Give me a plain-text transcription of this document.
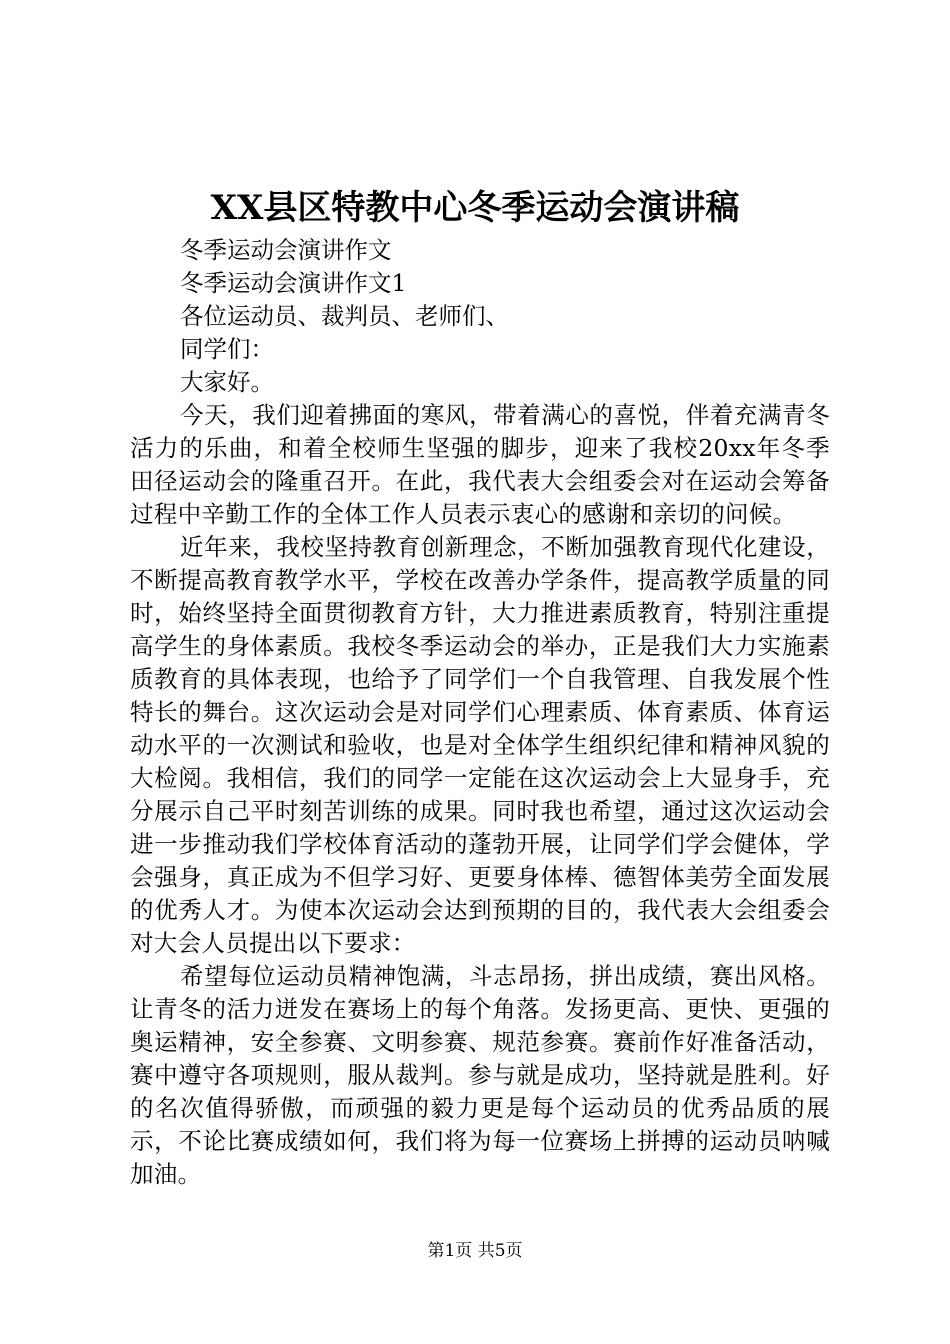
XX县区特教中心冬季运动会演讲稿

冬季运动会演讲作文

冬季运动会演讲作文1

各位运动员、裁判员、老师们、

同学们：

大家好。

今天，我们迎着拂面的寒风，带着满心的喜悦，伴着充满青冬活力的乐曲，和着全校师生坚强的脚步，迎来了我校20xx年冬季田径运动会的隆重召开。在此，我代表大会组委会对在运动会筹备过程中辛勤工作的全体工作人员表示衷心的感谢和亲切的问候。

近年来，我校坚持教育创新理念，不断加强教育现代化建设，不断提高教育教学水平，学校在改善办学条件，提高教学质量的同时，始终坚持全面贯彻教育方针，大力推进素质教育，特别注重提高学生的身体素质。我校冬季运动会的举办，正是我们大力实施素质教育的具体表现，也给予了同学们一个自我管理、自我发展个性特长的舞台。这次运动会是对同学们心理素质、体育素质、体育运动水平的一次测试和验收，也是对全体学生组织纪律和精神风貌的大检阅。我相信，我们的同学一定能在这次运动会上大显身手，充分展示自己平时刻苦训练的成果。同时我也希望，通过这次运动会进一步推动我们学校体育活动的蓬勃开展，让同学们学会健体，学会强身，真正成为不但学习好、更要身体棒、德智体美劳全面发展的优秀人才。为使本次运动会达到预期的目的，我代表大会组委会对大会人员提出以下要求：

希望每位运动员精神饱满，斗志昂扬，拼出成绩，赛出风格。让青冬的活力迸发在赛场上的每个角落。发扬更高、更快、更强的奥运精神，安全参赛、文明参赛、规范参赛。赛前作好准备活动，赛中遵守各项规则，服从裁判。参与就是成功，坚持就是胜利。好的名次值得骄傲，而顽强的毅力更是每个运动员的优秀品质的展示，不论比赛成绩如何，我们将为每一位赛场上拼搏的运动员呐喊加油。

第1页 共5页
